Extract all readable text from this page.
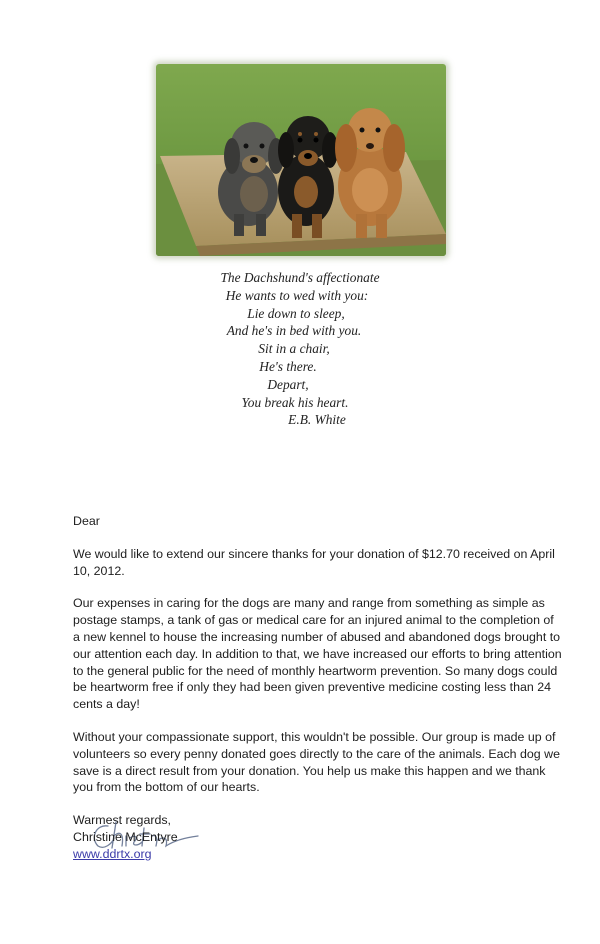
The Dachshund's affectionate
He wants to wed with you:
Lie down to sleep,
And he's in bed with you.
Sit in a chair,
He's there.
Depart,
You break his heart.
E.B. White

Dear

We would like to extend our sincere thanks for your donation of $12.70 received on April 10, 2012.

Our expenses in caring for the dogs are many and range from something as simple as postage stamps, a tank of gas or medical care for an injured animal to the completion of a new kennel to house the increasing number of abused and abandoned dogs brought to our attention each day. In addition to that, we have increased our efforts to bring attention to the general public for the need of monthly heartworm prevention. So many dogs could be heartworm free if only they had been given preventive medicine costing less than 24 cents a day!

Without your compassionate support, this wouldn't be possible. Our group is made up of volunteers so every penny donated goes directly to the care of the animals. Each dog we save is a direct result from your donation. You help us make this happen and we thank you from the bottom of our hearts.

Warmest regards,

Christine McEntyre

www.ddrtx.org
